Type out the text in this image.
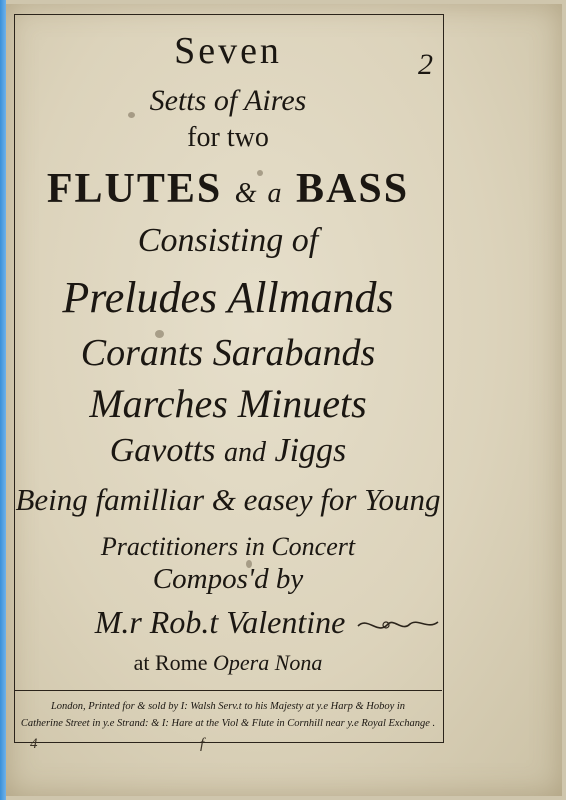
2
Seven
Setts of Aires
for two
FLUTES & a BASS
Consisting of
Preludes Allmands
Corants Sarabands
Marches Minuets
Gavotts and Jiggs
Being familliar & easey for Young
Practitioners in Concert
Compos'd by
M.r Rob.t Valentine
at Rome Opera Nona
London, Printed for & sold by I: Walsh Serv.t to his Majesty at y.e Harp & Hoboy in
Catherine Street in y.e Strand: & I: Hare at the Viol & Flute in Cornhill near y.e Royal Exchange .
4	f
